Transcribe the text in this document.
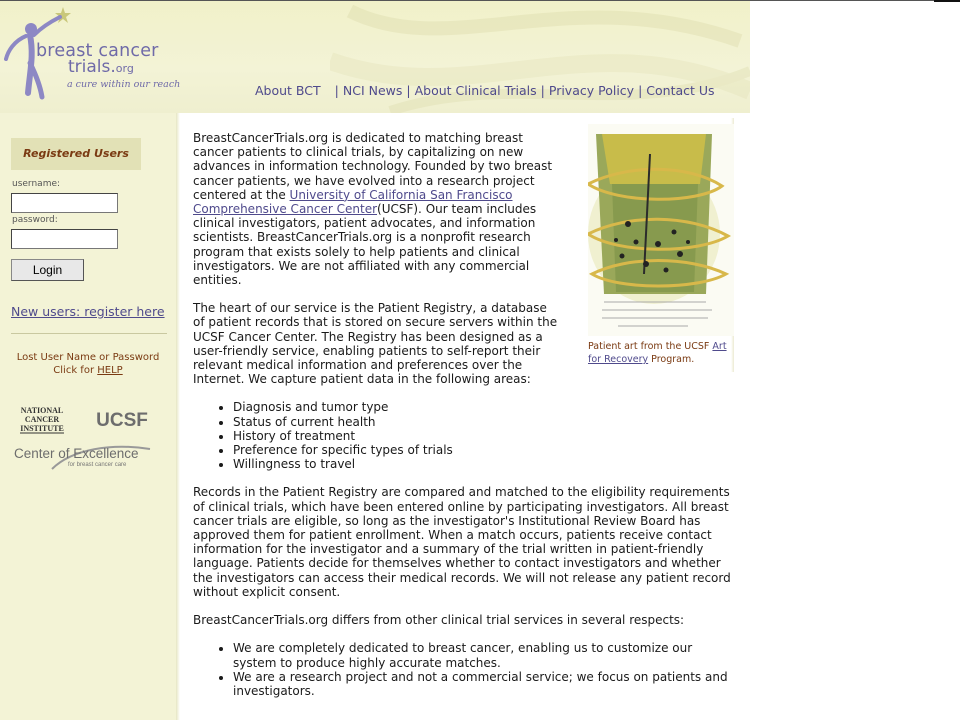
breast cancer
trials.org
a cure within our reach	About BCT | NCI News | About Clinical Trials | Privacy Policy | Contact Us
Registered Users
username:
password:
Login
New users: register here
Lost User Name or Password
Click for HELP
NATIONAL
CANCER
INSTITUTE UCSF
Center of Excellence
for breast cancer care
Patient art from the UCSF Art for Recovery Program.

BreastCancerTrials.org is dedicated to matching breast cancer patients to clinical trials, by capitalizing on new advances in information technology. Founded by two breast cancer patients, we have evolved into a research project centered at the University of California San Francisco Comprehensive Cancer Center(UCSF). Our team includes clinical investigators, patient advocates, and information scientists. BreastCancerTrials.org is a nonprofit research program that exists solely to help patients and clinical investigators. We are not affiliated with any commercial entities.

The heart of our service is the Patient Registry, a database of patient records that is stored on secure servers within the UCSF Cancer Center. The Registry has been designed as a user-friendly service, enabling patients to self-report their relevant medical information and preferences over the Internet. We capture patient data in the following areas:

• Diagnosis and tumor type
• Status of current health
• History of treatment
• Preference for specific types of trials
• Willingness to travel

Records in the Patient Registry are compared and matched to the eligibility requirements of clinical trials, which have been entered online by participating investigators. All breast cancer trials are eligible, so long as the investigator's Institutional Review Board has approved them for patient enrollment. When a match occurs, patients receive contact information for the investigator and a summary of the trial written in patient-friendly language. Patients decide for themselves whether to contact investigators and whether the investigators can access their medical records. We will not release any patient record without explicit consent.

BreastCancerTrials.org differs from other clinical trial services in several respects:

• We are completely dedicated to breast cancer, enabling us to customize our system to produce highly accurate matches.
• We are a research project and not a commercial service; we focus on patients and investigators.
